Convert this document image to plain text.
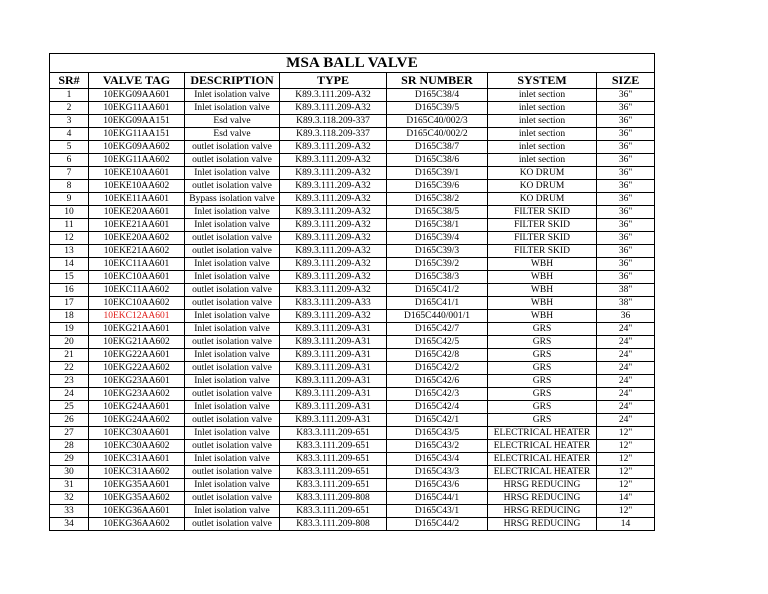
MSA BALL VALVE						
SR#	VALVE TAG	DESCRIPTION	TYPE	SR NUMBER	SYSTEM	SIZE
1	10EKG09AA601	Inlet isolation valve	K89.3.111.209-A32	D165C38/4	inlet section	36"
2	10EKG11AA601	Inlet isolation valve	K89.3.111.209-A32	D165C39/5	inlet section	36"
3	10EKG09AA151	Esd valve	K89.3.118.209-337	D165C40/002/3	inlet section	36"
4	10EKG11AA151	Esd valve	K89.3.118.209-337	D165C40/002/2	inlet section	36"
5	10EKG09AA602	outlet isolation valve	K89.3.111.209-A32	D165C38/7	inlet section	36"
6	10EKG11AA602	outlet isolation valve	K89.3.111.209-A32	D165C38/6	inlet section	36"
7	10EKE10AA601	Inlet isolation valve	K89.3.111.209-A32	D165C39/1	KO DRUM	36"
8	10EKE10AA602	outlet isolation valve	K89.3.111.209-A32	D165C39/6	KO DRUM	36"
9	10EKE11AA601	Bypass isolation valve	K89.3.111.209-A32	D165C38/2	KO DRUM	36"
10	10EKE20AA601	Inlet isolation valve	K89.3.111.209-A32	D165C38/5	FILTER SKID	36"
11	10EKE21AA601	Inlet isolation valve	K89.3.111.209-A32	D165C38/1	FILTER SKID	36"
12	10EKE20AA602	outlet isolation valve	K89.3.111.209-A32	D165C39/4	FILTER SKID	36"
13	10EKE21AA602	outlet isolation valve	K89.3.111.209-A32	D165C39/3	FILTER SKID	36"
14	10EKC11AA601	Inlet isolation valve	K89.3.111.209-A32	D165C39/2	WBH	36"
15	10EKC10AA601	Inlet isolation valve	K89.3.111.209-A32	D165C38/3	WBH	36"
16	10EKC11AA602	outlet isolation valve	K83.3.111.209-A32	D165C41/2	WBH	38"
17	10EKC10AA602	outlet isolation valve	K83.3.111.209-A33	D165C41/1	WBH	38"
18	10EKC12AA601	Inlet isolation valve	K89.3.111.209-A32	D165C440/001/1	WBH	36
19	10EKG21AA601	Inlet isolation valve	K89.3.111.209-A31	D165C42/7	GRS	24"
20	10EKG21AA602	outlet isolation valve	K89.3.111.209-A31	D165C42/5	GRS	24"
21	10EKG22AA601	Inlet isolation valve	K89.3.111.209-A31	D165C42/8	GRS	24"
22	10EKG22AA602	outlet isolation valve	K89.3.111.209-A31	D165C42/2	GRS	24"
23	10EKG23AA601	Inlet isolation valve	K89.3.111.209-A31	D165C42/6	GRS	24"
24	10EKG23AA602	outlet isolation valve	K89.3.111.209-A31	D165C42/3	GRS	24"
25	10EKG24AA601	Inlet isolation valve	K89.3.111.209-A31	D165C42/4	GRS	24"
26	10EKG24AA602	outlet isolation valve	K89.3.111.209-A31	D165C42/1	GRS	24"
27	10EKC30AA601	Inlet isolation valve	K83.3.111.209-651	D165C43/5	ELECTRICAL HEATER	12"
28	10EKC30AA602	outlet isolation valve	K83.3.111.209-651	D165C43/2	ELECTRICAL HEATER	12"
29	10EKC31AA601	Inlet isolation valve	K83.3.111.209-651	D165C43/4	ELECTRICAL HEATER	12"
30	10EKC31AA602	outlet isolation valve	K83.3.111.209-651	D165C43/3	ELECTRICAL HEATER	12"
31	10EKG35AA601	Inlet isolation valve	K83.3.111.209-651	D165C43/6	HRSG REDUCING	12"
32	10EKG35AA602	outlet isolation valve	K83.3.111.209-808	D165C44/1	HRSG REDUCING	14"
33	10EKG36AA601	Inlet isolation valve	K83.3.111.209-651	D165C43/1	HRSG REDUCING	12"
34	10EKG36AA602	outlet isolation valve	K83.3.111.209-808	D165C44/2	HRSG REDUCING	14
